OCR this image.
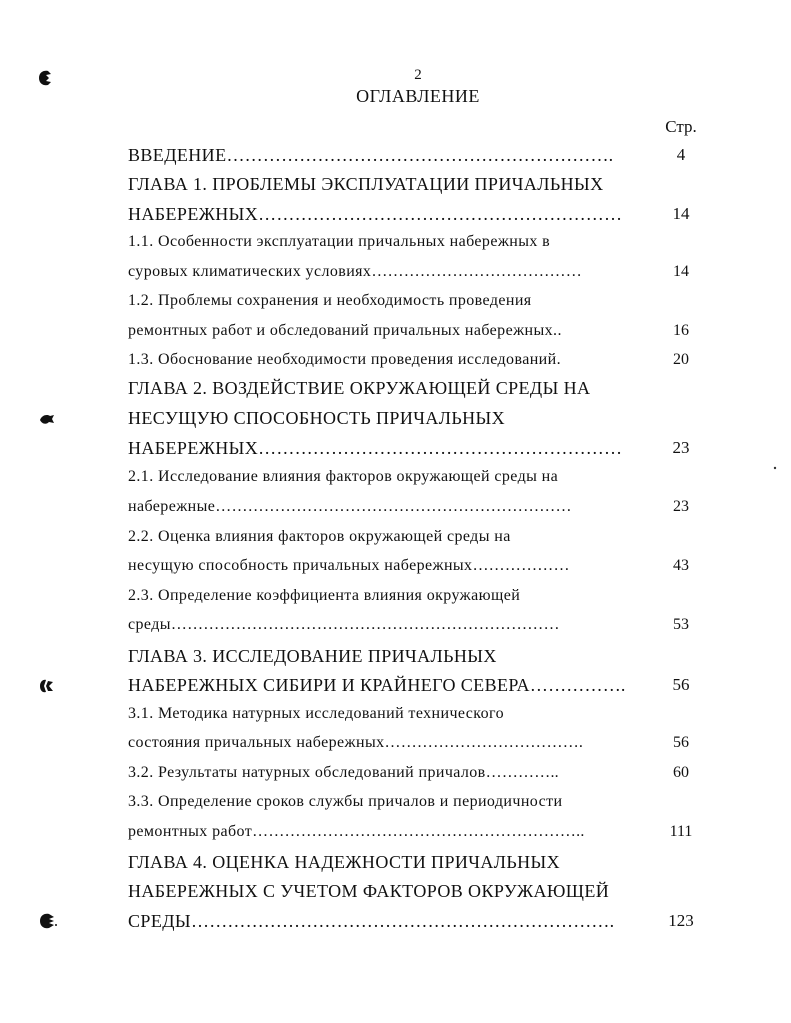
2
ОГЛАВЛЕНИЕ
Стр.
ВВЕДЕНИЕ……………………………………………………….	4
ГЛАВА 1. ПРОБЛЕМЫ ЭКСПЛУАТАЦИИ ПРИЧАЛЬНЫХ
НАБЕРЕЖНЫХ……………………………………………………	14
1.1. Особенности эксплуатации причальных набережных в
суровых климатических условиях…………………………………	14
1.2. Проблемы сохранения и необходимость проведения
ремонтных работ и обследований причальных набережных..	16
1.3. Обоснование необходимости проведения исследований.	20
ГЛАВА 2. ВОЗДЕЙСТВИЕ ОКРУЖАЮЩЕЙ СРЕДЫ НА
НЕСУЩУЮ СПОСОБНОСТЬ ПРИЧАЛЬНЫХ
НАБЕРЕЖНЫХ……………………………………………………	23
2.1. Исследование влияния факторов окружающей среды на
набережные…………………………………………………………	23
2.2. Оценка влияния факторов окружающей среды на
несущую способность причальных набережных………………	43
2.3. Определение коэффициента влияния окружающей
среды………………………………………………………………	53
ГЛАВА 3. ИССЛЕДОВАНИЕ ПРИЧАЛЬНЫХ
НАБЕРЕЖНЫХ СИБИРИ И КРАЙНЕГО СЕВЕРА…………….	56
3.1. Методика натурных исследований технического
состояния причальных набережных……………………………….	56
3.2. Результаты натурных обследований причалов…………..	60
3.3. Определение сроков службы причалов и периодичности
ремонтных работ……………………………………………………..	111
ГЛАВА 4. ОЦЕНКА НАДЕЖНОСТИ ПРИЧАЛЬНЫХ
НАБЕРЕЖНЫХ С УЧЕТОМ ФАКТОРОВ ОКРУЖАЮЩЕЙ
СРЕДЫ…………………………………………………………….	123
